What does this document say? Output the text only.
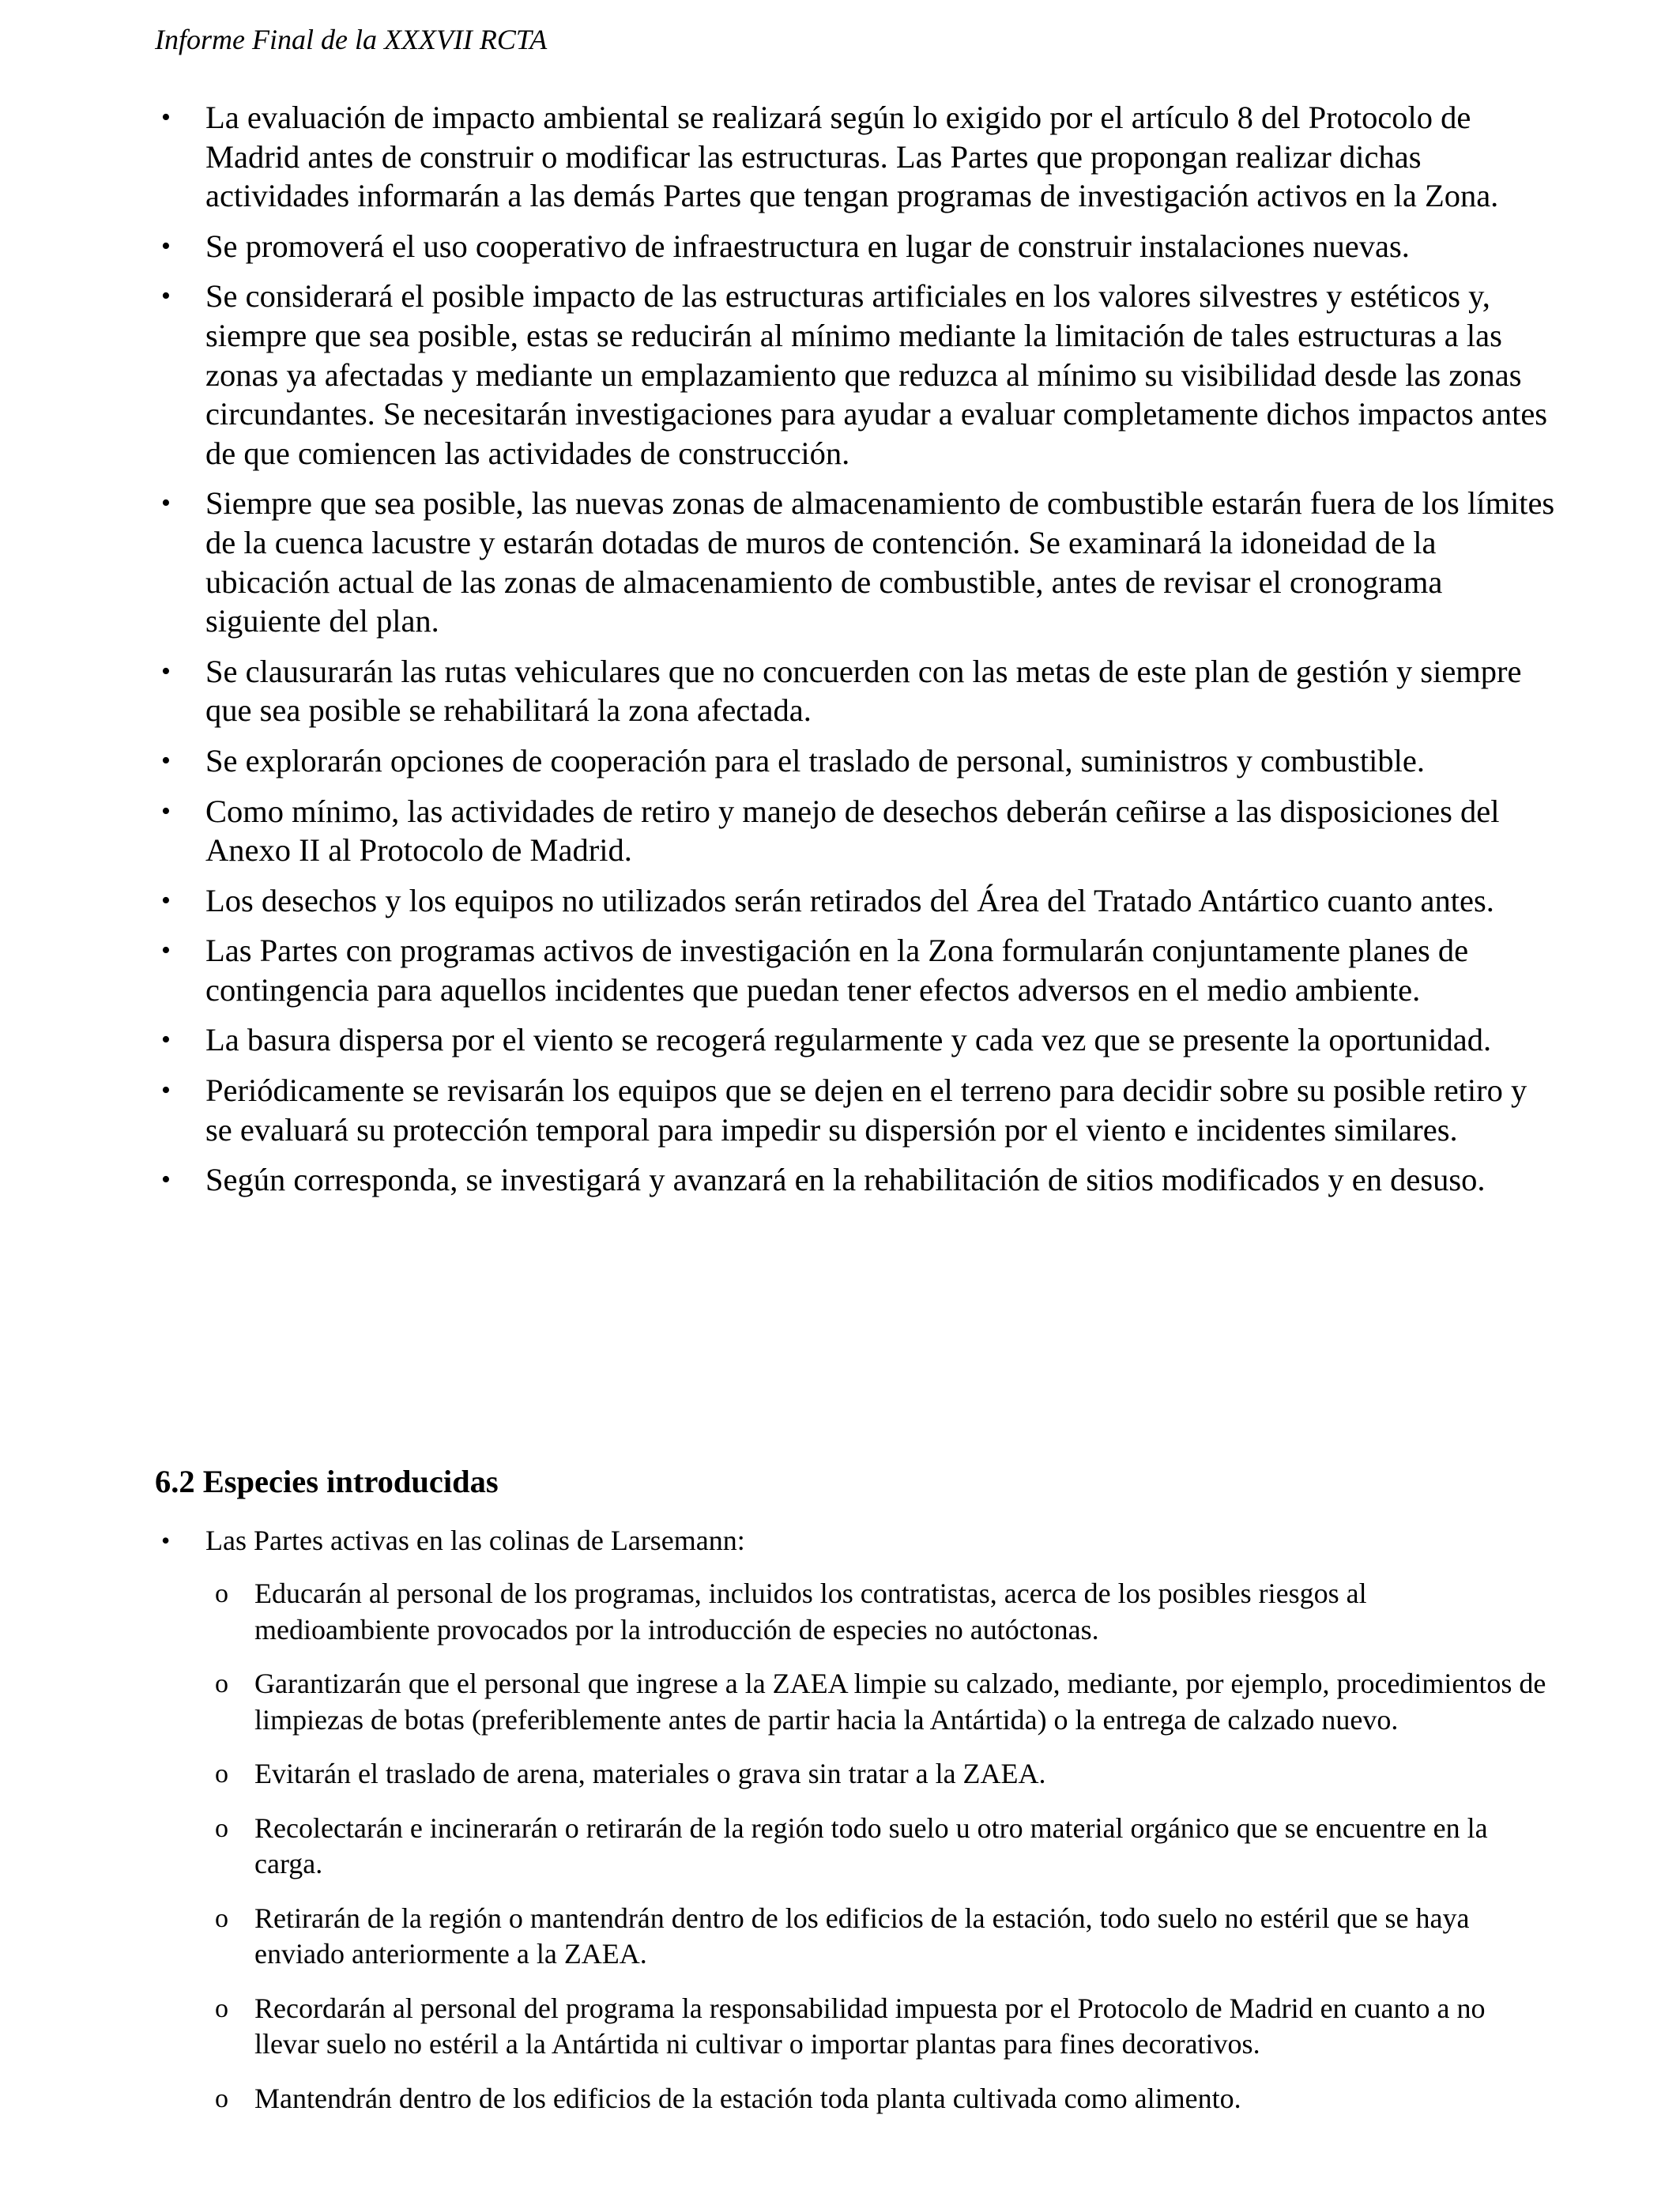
Informe Final de la XXXVII RCTA
• La evaluación de impacto ambiental se realizará según lo exigido por el artículo 8 del Protocolo de Madrid antes de construir o modificar las estructuras. Las Partes que propongan realizar dichas actividades informarán a las demás Partes que tengan programas de investigación activos en la Zona.
• Se promoverá el uso cooperativo de infraestructura en lugar de construir instalaciones nuevas.
• Se considerará el posible impacto de las estructuras artificiales en los valores silvestres y estéticos y, siempre que sea posible, estas se reducirán al mínimo mediante la limitación de tales estructuras a las zonas ya afectadas y mediante un emplazamiento que reduzca al mínimo su visibilidad desde las zonas circundantes. Se necesitarán investigaciones para ayudar a evaluar completamente dichos impactos antes de que comiencen las actividades de construcción.
• Siempre que sea posible, las nuevas zonas de almacenamiento de combustible estarán fuera de los límites de la cuenca lacustre y estarán dotadas de muros de contención. Se examinará la idoneidad de la ubicación actual de las zonas de almacenamiento de combustible, antes de revisar el cronograma siguiente del plan.
• Se clausurarán las rutas vehiculares que no concuerden con las metas de este plan de gestión y siempre que sea posible se rehabilitará la zona afectada.
• Se explorarán opciones de cooperación para el traslado de personal, suministros y combustible.
• Como mínimo, las actividades de retiro y manejo de desechos deberán ceñirse a las disposiciones del Anexo II al Protocolo de Madrid.
• Los desechos y los equipos no utilizados serán retirados del Área del Tratado Antártico cuanto antes.
• Las Partes con programas activos de investigación en la Zona formularán conjuntamente planes de contingencia para aquellos incidentes que puedan tener efectos adversos en el medio ambiente.
• La basura dispersa por el viento se recogerá regularmente y cada vez que se presente la oportunidad.
• Periódicamente se revisarán los equipos que se dejen en el terreno para decidir sobre su posible retiro y se evaluará su protección temporal para impedir su dispersión por el viento e incidentes similares.
• Según corresponda, se investigará y avanzará en la rehabilitación de sitios modificados y en desuso.
6.2 Especies introducidas
• Las Partes activas en las colinas de Larsemann:
o Educarán al personal de los programas, incluidos los contratistas, acerca de los posibles riesgos al medioambiente provocados por la introducción de especies no autóctonas.
o Garantizarán que el personal que ingrese a la ZAEA limpie su calzado, mediante, por ejemplo, procedimientos de limpiezas de botas (preferiblemente antes de partir hacia la Antártida) o la entrega de calzado nuevo.
o Evitarán el traslado de arena, materiales o grava sin tratar a la ZAEA.
o Recolectarán e incinerarán o retirarán de la región todo suelo u otro material orgánico que se encuentre en la carga.
o Retirarán de la región o mantendrán dentro de los edificios de la estación, todo suelo no estéril que se haya enviado anteriormente a la ZAEA.
o Recordarán al personal del programa la responsabilidad impuesta por el Protocolo de Madrid en cuanto a no llevar suelo no estéril a la Antártida ni cultivar o importar plantas para fines decorativos.
o Mantendrán dentro de los edificios de la estación toda planta cultivada como alimento.
